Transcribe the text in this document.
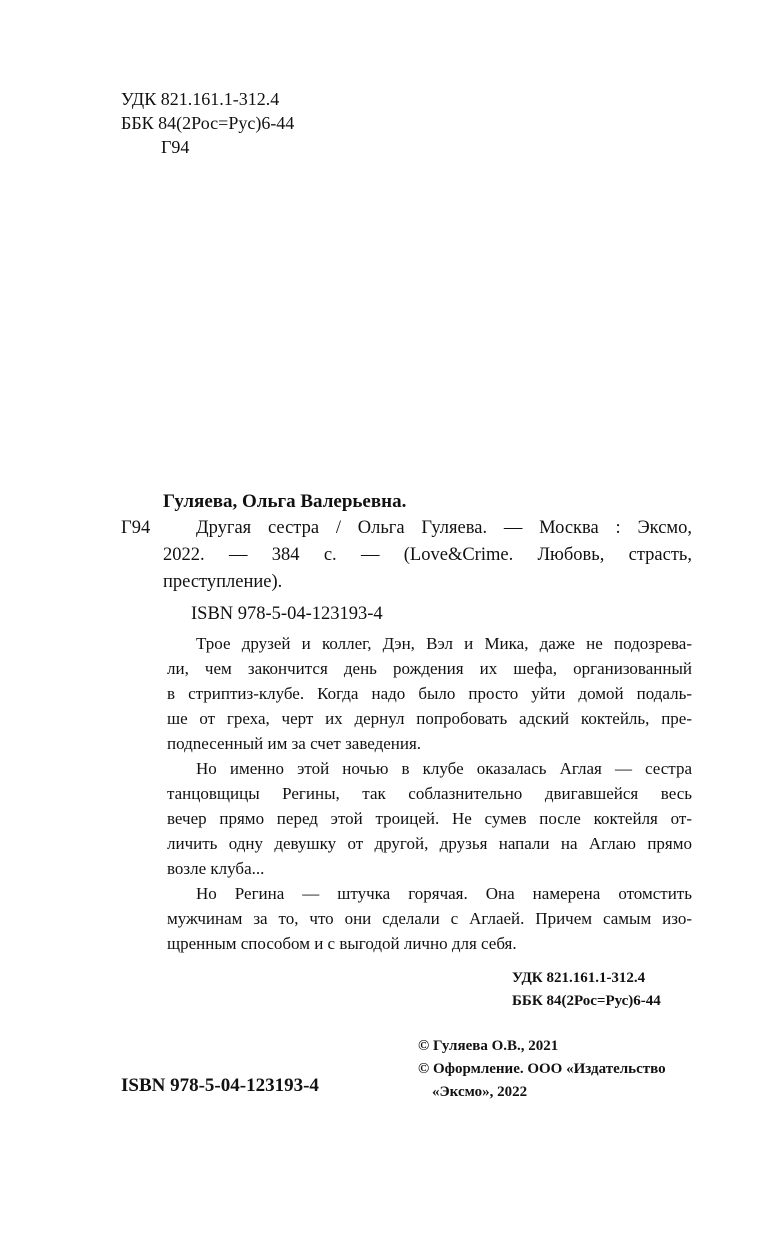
УДК 821.161.1-312.4
ББК 84(2Рос=Рус)6-44
Г94
Гуляева, Ольга Валерьевна.
Г94 Другая сестра / Ольга Гуляева. — Москва : Эксмо,
2022. — 384 с. — (Love&Crime. Любовь, страсть,
преступление).
ISBN 978-5-04-123193-4
Трое друзей и коллег, Дэн, Вэл и Мика, даже не подозрева-
ли, чем закончится день рождения их шефа, организованный
в стриптиз-клубе. Когда надо было просто уйти домой подаль-
ше от греха, черт их дернул попробовать адский коктейль, пре-
подnесенный им за счет заведения.
Но именно этой ночью в клубе оказалась Аглая — сестра
танцовщицы Регины, так соблазнительно двигавшейся весь
вечер прямо перед этой троицей. Не сумев после коктейля от-
личить одну девушку от другой, друзья напали на Аглаю прямо
возле клуба...
Но Регина — штучка горячая. Она намерена отомстить
мужчинам за то, что они сделали с Аглаей. Причем самым изо-
щренным способом и с выгодой лично для себя.
УДК 821.161.1-312.4
ББК 84(2Рос=Рус)6-44
ISBN 978-5-04-123193-4
© Гуляева О.В., 2021
© Оформление. ООО «Издательство
«Эксмо», 2022
